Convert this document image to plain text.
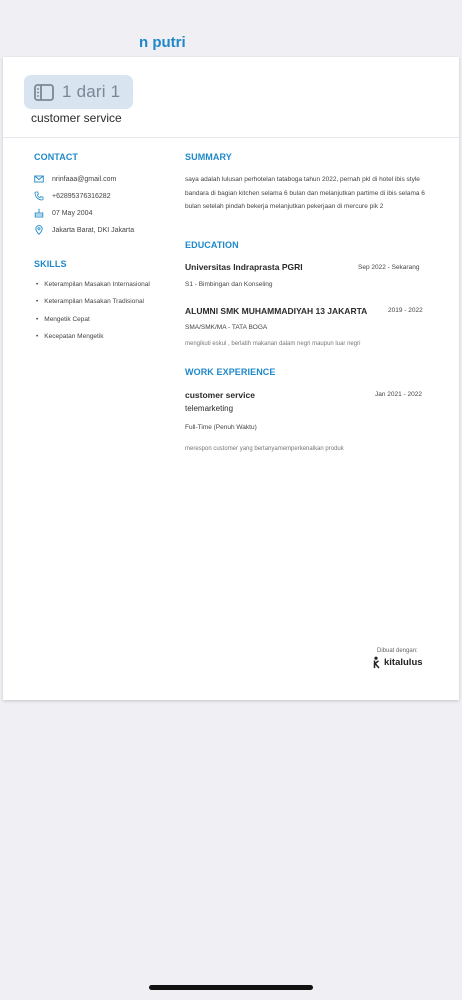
n putri
customer service
1 dari 1
CONTACT
nrinfaaa@gmail.com
+6289537631628​2
07 May 2004
Jakarta Barat, DKI Jakarta
SKILLS
• Keterampilan Masakan Internasional
• Keterampilan Masakan Tradisional
• Mengetik Cepat
• Kecepatan Mengetik
SUMMARY
saya adalah lulusan perhotelan tataboga tahun 2022, pernah pkl di hotel ibis style bandara di bagian kitchen selama 6 bulan dan melanjutkan partime di ibis selama 6 bulan setelah pindah bekerja melanjutkan pekerjaan di mercure pik 2
EDUCATION
Universitas Indraprasta PGRI	Sep 2022 - Sekarang
S1 - Bimbingan dan Konseling
ALUMNI SMK MUHAMMADIYAH 13 JAKARTA	2019 - 2022
SMA/SMK/MA - TATA BOGA
mengikuti eskul , berlatih makanan dalam negri maupun luar negri
WORK EXPERIENCE
customer service	Jan 2021 - 2022
telemarketing
Full-Time (Penuh Waktu)
merespon customer yang bertanyamemperkenalkan produk
Dibuat dengan:
kitalulus
